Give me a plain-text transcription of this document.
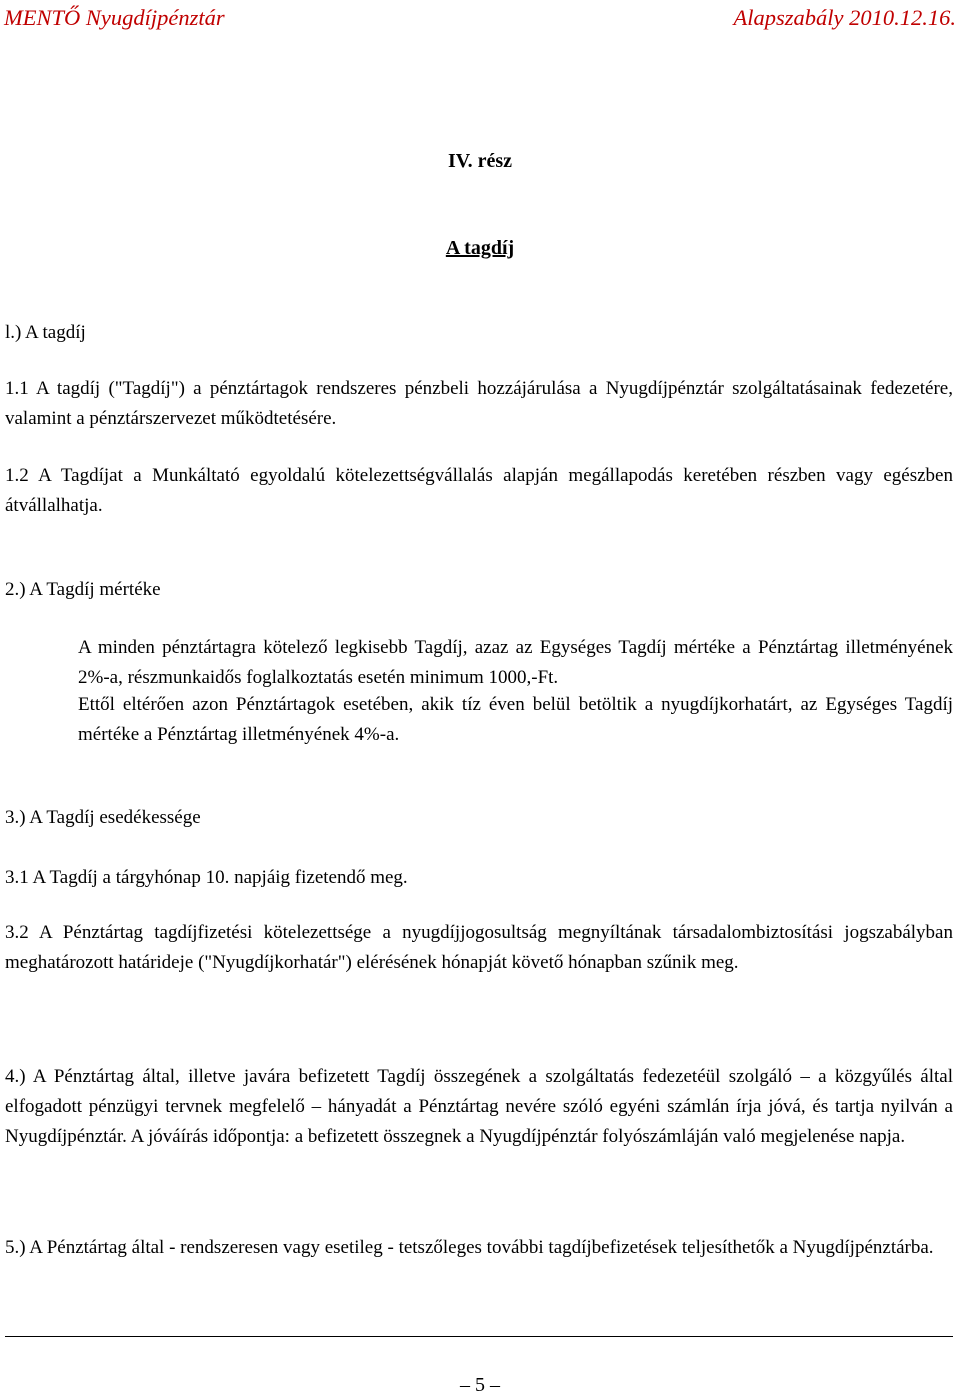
MENTŐ Nyugdíjpénztár	Alapszabály 2010.12.16.
IV. rész
A tagdíj
l.) A tagdíj
1.1 A tagdíj ("Tagdíj") a pénztártagok rendszeres pénzbeli hozzájárulása a Nyugdíjpénztár szolgáltatásainak fedezetére, valamint a pénztárszervezet működtetésére.
1.2 A Tagdíjat a Munkáltató egyoldalú kötelezettségvállalás alapján megállapodás keretében részben vagy egészben átvállalhatja.
2.) A Tagdíj mértéke
A minden pénztártagra kötelező legkisebb Tagdíj, azaz az Egységes Tagdíj mértéke a Pénztártag illetményének 2%-a, részmunkaidős foglalkoztatás esetén minimum 1000,-Ft.
Ettől eltérően azon Pénztártagok esetében, akik tíz éven belül betöltik a nyugdíjkorhatárt, az Egységes Tagdíj mértéke a Pénztártag illetményének 4%-a.
3.) A Tagdíj esedékessége
3.1 A Tagdíj a tárgyhónap 10. napjáig fizetendő meg.
3.2 A Pénztártag tagdíjfizetési kötelezettsége a nyugdíjjogosultság megnyíltának társadalombiztosítási jogszabályban meghatározott határideje ("Nyugdíjkorhatár") elérésének hónapját követő hónapban szűnik meg.
4.) A Pénztártag által, illetve javára befizetett Tagdíj összegének a szolgáltatás fedezetéül szolgáló – a közgyűlés által elfogadott pénzügyi tervnek megfelelő – hányadát a Pénztártag nevére szóló egyéni számlán írja jóvá, és tartja nyilván a Nyugdíjpénztár. A jóváírás időpontja: a befizetett összegnek a Nyugdíjpénztár folyószámláján való megjelenése napja.
5.) A Pénztártag által - rendszeresen vagy esetileg - tetszőleges további tagdíjbefizetések teljesíthetők a Nyugdíjpénztárba.
– 5 –
